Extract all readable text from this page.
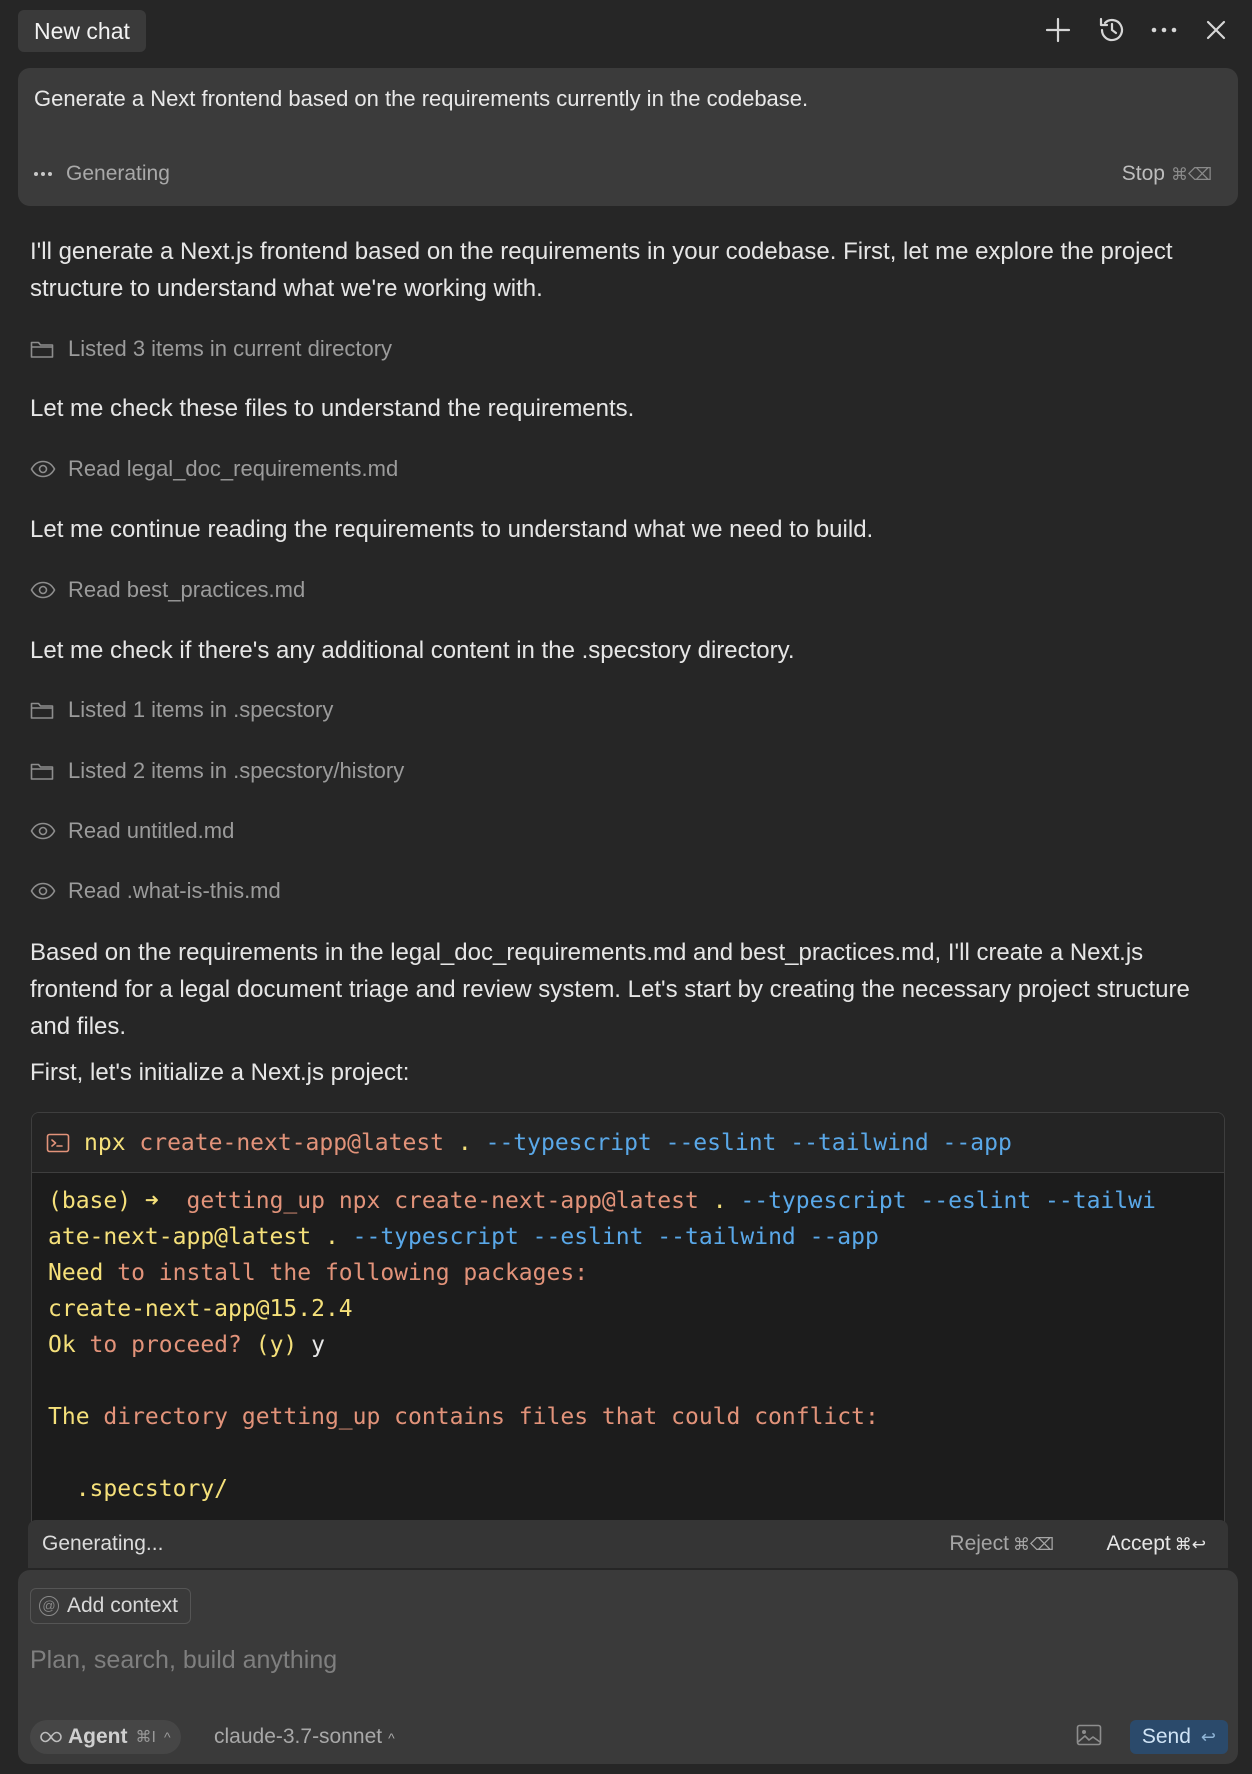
New chat
Generate a Next frontend based on the requirements currently in the codebase.
Generating	Stop ⌘⌫
I'll generate a Next.js frontend based on the requirements in your codebase. First, let me explore the project structure to understand what we're working with.
Listed 3 items in current directory
Let me check these files to understand the requirements.
Read legal_doc_requirements.md
Let me continue reading the requirements to understand what we need to build.
Read best_practices.md
Let me check if there's any additional content in the .specstory directory.
Listed 1 items in .specstory
Listed 2 items in .specstory/history
Read untitled.md
Read .what-is-this.md
Based on the requirements in the legal_doc_requirements.md and best_practices.md, I'll create a Next.js frontend for a legal document triage and review system. Let's start by creating the necessary project structure and files.
First, let's initialize a Next.js project:
npx create-next-app@latest . --typescript --eslint --tailwind --app
(base) ➜  getting_up npx create-next-app@latest . --typescript --eslint --tailwi
ate-next-app@latest . --typescript --eslint --tailwind --app
Need to install the following packages:
create-next-app@15.2.4
Ok to proceed? (y) y

The directory getting_up contains files that could conflict:

.specstory/
Generating...	Reject ⌘⌫	Accept ⌘↩
@ Add context
Plan, search, build anything
Agent ⌘I ^ claude-3.7-sonnet ^	Send ↩
